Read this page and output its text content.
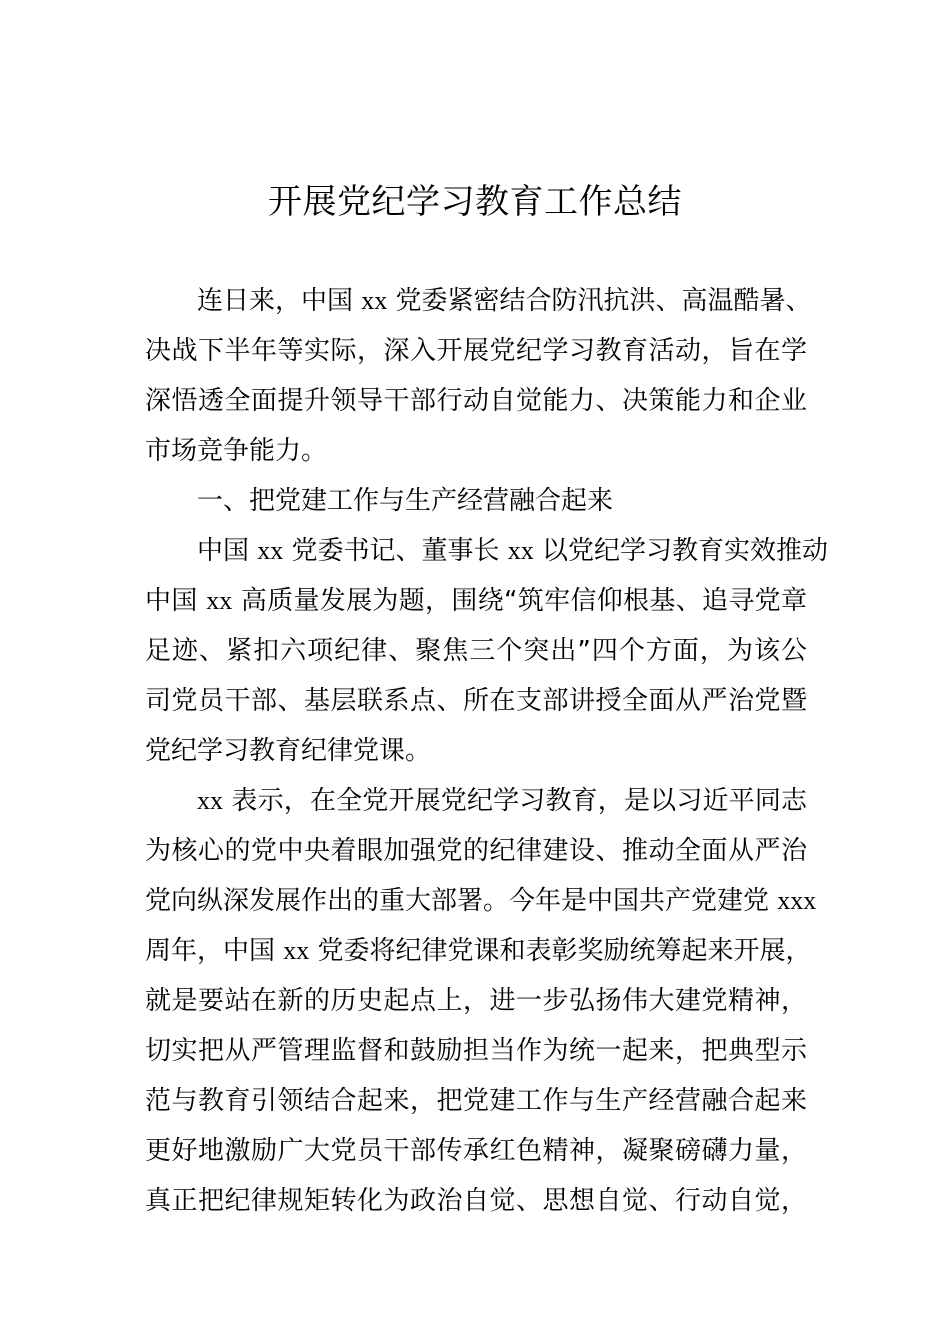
开展党纪学习教育工作总结
连日来，中国 xx 党委紧密结合防汛抗洪、高温酷暑、
决战下半年等实际，深入开展党纪学习教育活动，旨在学
深悟透全面提升领导干部行动自觉能力、决策能力和企业
市场竞争能力。
一、把党建工作与生产经营融合起来
中国 xx 党委书记、董事长 xx 以党纪学习教育实效推动
中国 xx 高质量发展为题，围绕“筑牢信仰根基、追寻党章
足迹、紧扣六项纪律、聚焦三个突出”四个方面，为该公
司党员干部、基层联系点、所在支部讲授全面从严治党暨
党纪学习教育纪律党课。
xx 表示，在全党开展党纪学习教育，是以习近平同志
为核心的党中央着眼加强党的纪律建设、推动全面从严治
党向纵深发展作出的重大部署。今年是中国共产党建党 xxx
周年，中国 xx 党委将纪律党课和表彰奖励统筹起来开展，
就是要站在新的历史起点上，进一步弘扬伟大建党精神，
切实把从严管理监督和鼓励担当作为统一起来，把典型示
范与教育引领结合起来，把党建工作与生产经营融合起来
更好地激励广大党员干部传承红色精神，凝聚磅礴力量，
真正把纪律规矩转化为政治自觉、思想自觉、行动自觉，
